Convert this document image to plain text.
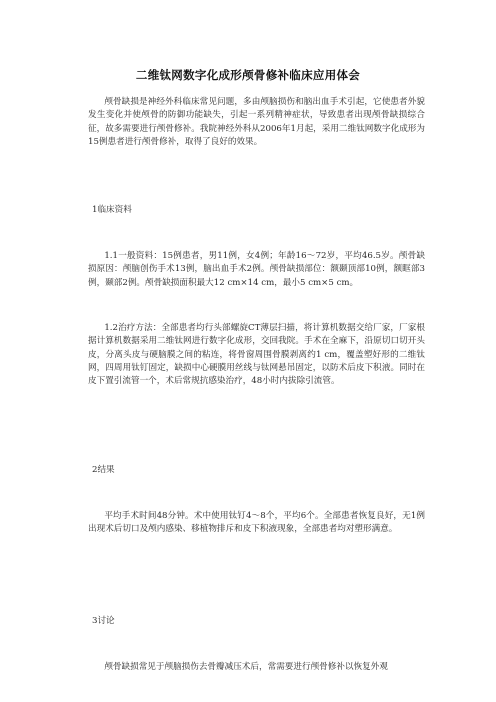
二维钛网数字化成形颅骨修补临床应用体会

颅骨缺损是神经外科临床常见问题，多由颅脑损伤和脑出血手术引起，它使患者外貌发生变化并使颅骨的防御功能缺失，引起一系列精神症状，导致患者出现颅骨缺损综合征，故多需要进行颅骨修补。我院神经外科从2006年1月起，采用二维钛网数字化成形为15例患者进行颅骨修补，取得了良好的效果。

1临床资料

1.1一般资料：15例患者，男11例，女4例；年龄16～72岁，平均46.5岁。颅骨缺损原因：颅脑创伤手术13例，脑出血手术2例。颅骨缺损部位：额颞顶部10例，额眶部3例，颞部2例。颅骨缺损面积最大12 cm×14 cm，最小5 cm×5 cm。

1.2治疗方法：全部患者均行头部螺旋CT薄层扫描，将计算机数据交给厂家，厂家根据计算机数据采用二维钛网进行数字化成形，交回我院。手术在全麻下，沿原切口切开头皮，分离头皮与硬脑膜之间的粘连，将骨窗周围骨膜剥离约1 cm，覆盖塑好形的二维钛网，四周用钛钉固定，缺损中心硬膜用丝线与钛网悬吊固定，以防术后皮下积液。同时在皮下置引流管一个，术后常规抗感染治疗，48小时内拔除引流管。

2结果

平均手术时间48分钟。术中使用钛钉4～8个，平均6个。全部患者恢复良好，无1例出现术后切口及颅内感染、移植物排斥和皮下积液现象，全部患者均对塑形满意。

3讨论

颅骨缺损常见于颅脑损伤去骨瓣减压术后，常需要进行颅骨修补以恢复外观
